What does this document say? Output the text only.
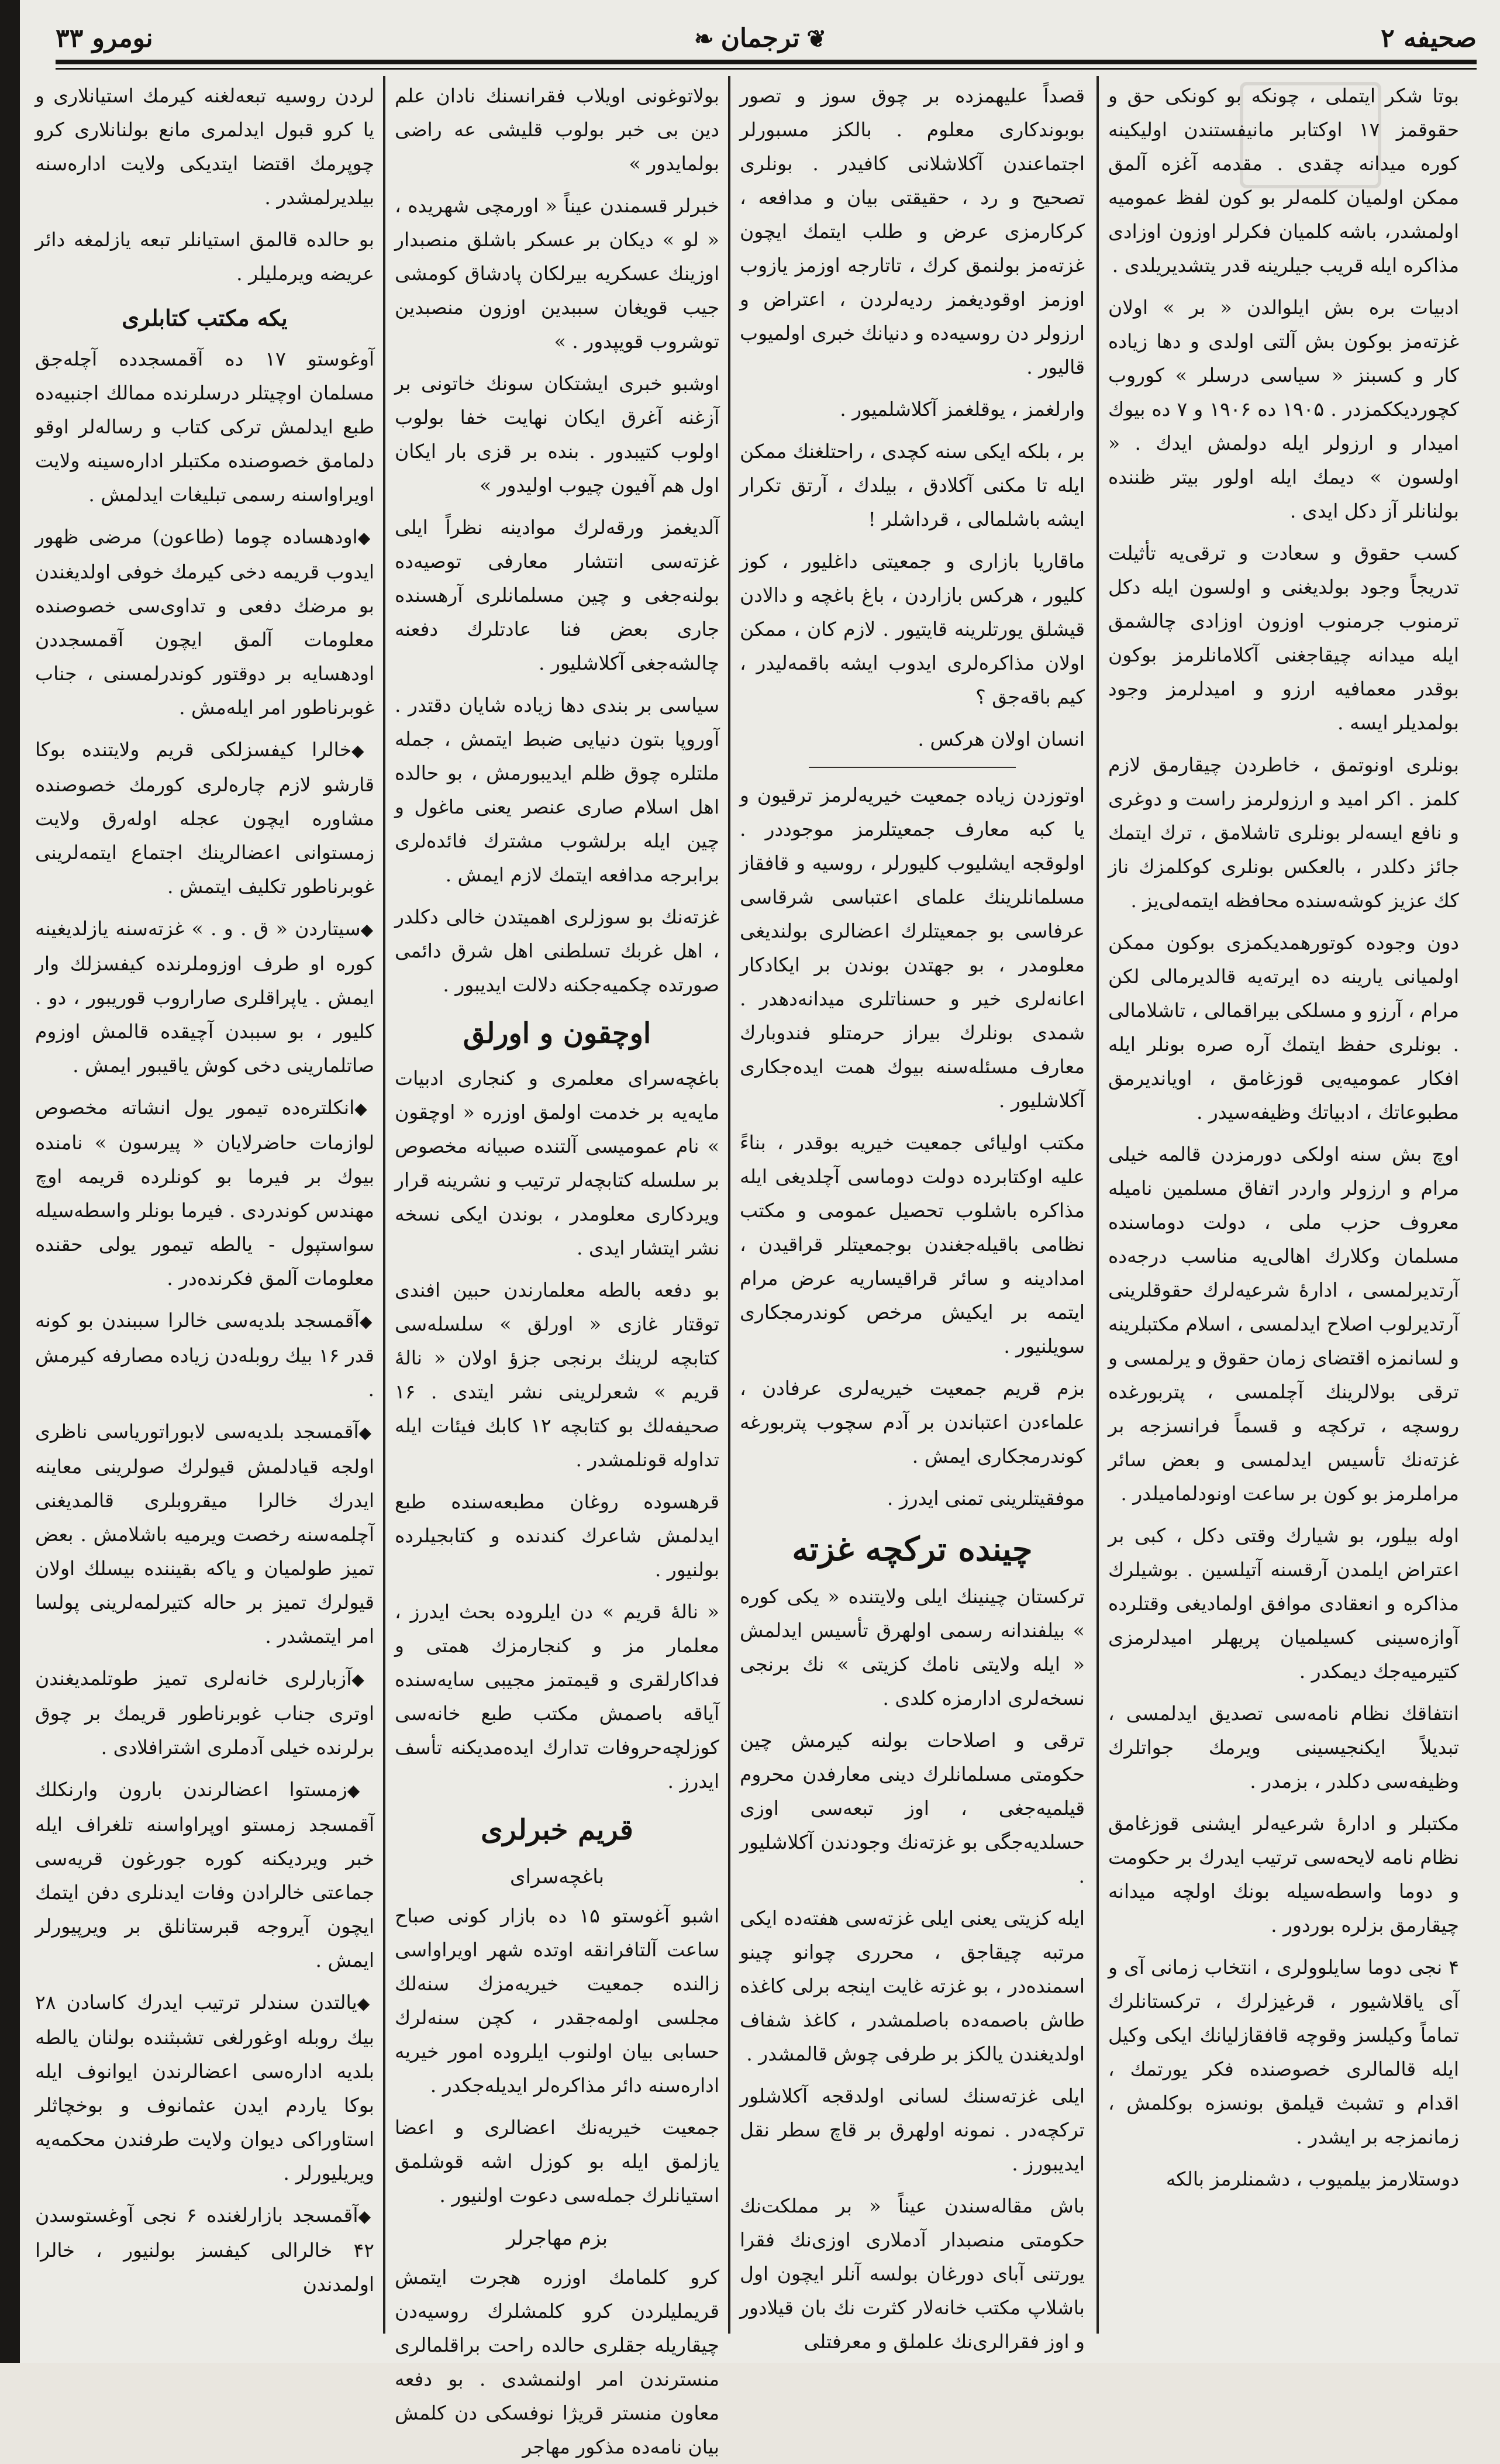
صحیفه ۲
❦ترجمان❧
نومرو ۳۳

بوتا شکر ایتملی ، چونکه بو کونکی حق و حقوقمز ۱۷ اوکتابر مانیفستندن اولیکینه کوره میدانه چقدی . مقدمه آغزه آلمق ممکن اولمیان کلمه‌لر بو کون لفظ عمومیه اولمشدر، باشه کلمیان فکرلر اوزون اوزادی مذاکره ایله قریب جیلرینه قدر یتشدیریلدی .

ادبیات بره بش ایلوالدن « بر » اولان غزته‌مز بوکون بش آلتی اولدی و دها زیاده کار و کسبنز « سیاسی درسلر » کوروب کچوردیککمزدر . ۱۹۰۵ ده ۱۹۰۶ و ۷ ده بیوك امیدار و ارزولر ایله دولمش ایدك . « اولسون » دیمك ایله اولور بیتر ظننده بولنانلر آز دکل ایدی .

کسب حقوق و سعادت و ترقی‌یه تأثیلت تدریجاً وجود بولدیغنی و اولسون ایله دکل ترمنوب جرمنوب اوزون اوزادی چالشمق ایله میدانه چیقاجغنی آکلامانلرمز بوکون بوقدر معمافیه ارزو و امیدلرمز وجود بولمدیلر ایسه .

بونلری اونوتمق ، خاطردن چیقارمق لازم کلمز . اکر امید و ارزولرمز راست و دوغری و نافع ایسه‌لر بونلری تاشلامق ، ترك ایتمك جائز دکلدر ، بالعکس بونلری کوکلمزك ناز كك عزیز کوشه‌سنده محافظه ایتمه‌لی‌یز .

دون وجوده کوتورهمدیکمزی بوکون ممکن اولمیانی یارینه ده ایرته‌یه قالدیرمالی لکن مرام ، آرزو و مسلکی بیراقمالی ، تاشلامالی . بونلری حفظ ایتمك آره صره بونلر ایله افکار عمومیه‌یی قوزغامق ، اویاندیرمق مطبوعاتك ، ادبیاتك وظیفه‌سیدر .

اوچ بش سنه اولکی دورمزدن قالمه خیلی مرام و ارزولر واردر اتفاق مسلمین نامیله معروف حزب ملی ، دولت دوماسنده مسلمان وکلارك اهالی‌یه مناسب درجه‌ده آرتدیرلمسی ، ادارهٔ شرعیه‌لرك حقوقلرینی آرتدیرلوب اصلاح ایدلمسی ، اسلام مکتبلرینه و لسانمزه اقتضای زمان حقوق و یرلمسی و ترقی بولالرینك آچلمسی ، پتربورغده روسچه ، ترکچه و قسماً فرانسزجه بر غزته‌نك تأسیس ایدلمسی و بعض سائر مراملرمز بو کون بر ساعت اونودلمامیلدر .

اوله بیلور، بو شیارك وقتی دکل ، کبی بر اعتراض ایلمدن آرقسنه آتیلسین . بوشیلرك مذاکره و انعقادی موافق اولمادیغی وقتلرده آوازه‌سینی کسیلمیان پریهلر امیدلرمزی کتیرمیه‌جك دیمکدر .

انتفاقك نظام نامه‌سی تصدیق ایدلمسی ، تبدیلاً ایکنجیسینی ویرمك جواتلرك وظیفه‌سی دکلدر ، بزمدر .

مکتبلر و ادارهٔ شرعیه‌لر ایشنی قوزغامق نظام نامه لایحه‌سی ترتیب ایدرك بر حکومت و دوما واسطه‌سیله بونك اولچه میدانه چیقارمق بزلره بوردور .

۴ نجی دوما سایلوولری ، انتخاب زمانی آی و آی یاقلاشیور ، قرغیزلرك ، ترکستانلرك تماماً وکیلسز وقوچه قافقازلیانك ایکی وکیل ایله قالمالری خصوصنده فکر یورتمك ، اقدام و تشبث قیلمق بونسزه بوکلمش ، زمانمزجه بر ایشدر .

دوستلارمز بیلمیوب ، دشمنلرمز بالکه

قصداً علیهمزده بر چوق سوز و تصور بوبوندکاری معلوم . بالکز مسبورلر اجتماعندن آکلاشلانی کافیدر . بونلری تصحیح و رد ، حقیقتی بیان و مدافعه ، کرکارمزی عرض و طلب ایتمك ایچون غزته‌مز بولنمق کرك ، تاتارجه اوزمز یازوب اوزمز اوقودیغمز ردیه‌لردن ، اعتراض و ارزولر دن روسیه‌ده و دنیانك خبری اولمیوب قالیور .

وارلغمز ، یوقلغمز آکلاشلمیور .

بر ، بلکه ایکی سنه کچدی ، راحتلغنك ممکن ایله تا مکنی آکلادق ، بیلدك ، آرتق تکرار ایشه باشلمالی ، قرداشلر !

ماقاریا بازاری و جمعیتی داغلیور ، کوز کلیور ، هرکس بازاردن ، باغ باغچه و دالادن قیشلق یورتلرینه قایتیور . لازم کان ، ممکن اولان مذاکره‌لری ایدوب ایشه باقمه‌لیدر ، کیم باقه‌جق ؟

انسان اولان هرکس .

اوتوزدن زیاده جمعیت خیریه‌لرمز ترقیون و یا کبه معارف جمعیتلرمز موجوددر . اولوقجه ایشلیوب کلیورلر ، روسیه و قافقاز مسلمانلرینك علمای اعتباسی شرقاسی عرفاسی بو جمعیتلرك اعضالری بولندیغی معلومدر ، بو جهتدن بوندن بر ایکادکار اعانه‌لری خیر و حسناتلری میدانه‌دهدر . شمدی بونلرك بیراز حرمتلو فندوبارك معارف مسئله‌سنه بیوك همت ایده‌جکاری آکلاشلیور .

مکتب اولیائی جمعیت خیریه بوقدر ، بناءً علیه اوکتابرده دولت دوماسی آچلدیغی ایله مذاکره باشلوب تحصیل عمومی و مکتب نظامی باقیله‌جغندن بوجمعیتلر قراقیدن ، امدادینه و سائر قراقیساریه عرض مرام ایتمه بر ایکیش مرخص کوندرمجکاری سویلنیور .

بزم قریم جمعیت خیریه‌لری عرفادن ، علماءدن اعتباندن بر آدم سچوب پتربورغه کوندرمجکاری ایمش .

موفقیتلرینی تمنی ایدرز .

چینده ترکچه غزته

ترکستان چینینك ایلی ولایتنده « یکی کوره » بیلفندانه رسمی اولهرق تأسیس ایدلمش « ایله ولایتی نامك کزیتی » نك برنجی نسخه‌لری ادارمزه کلدی .

ترقی و اصلاحات بولنه کیرمش چین حکومتی مسلمانلرك دینی معارفدن محروم قیلمیه‌جغی ، اوز تبعه‌سی اوزی حسلدیه‌جگی بو غزته‌نك وجودندن آکلاشلیور .

ایله کزیتی یعنی ایلی غزته‌سی هفته‌ده ایکی مرتبه چیقاجق ، محرری چوانو چینو اسمنده‌در ، بو غزته غایت اینجه برلی کاغذه طاش باصمه‌ده باصلمشدر ، کاغذ شفاف اولدیغندن یالکز بر طرفی چوش قالمشدر .

ایلی غزته‌سنك لسانی اولدقجه آکلاشلور ترکچه‌در . نمونه اولهرق بر قاچ سطر نقل ایدیبورز .

باش مقاله‌سندن عیناً « بر مملکت‌نك حکومتی منصبدار آدملاری اوزی‌نك فقرا یورتنی آبای دورغان بولسه آنلر ایچون اول باشلاپ مکتب خانه‌لار کثرت نك بان قیلادور و اوز فقرالری‌نك علملق و معرفتلی

بولاتوغونی اویلاب فقرانسنك نادان علم دین بی خبر بولوب قلیشی عه راضی بولمایدور »

خبرلر قسمندن عیناً « اورمچی شهریده ، « لو » دیکان بر عسکر باشلق منصبدار اوزینك عسکریه بیرلکان پادشاق کومشی جیب قویغان سببدین اوزون منصبدین توشروب قویپدور . »

اوشبو خبری ایشتکان سونك خاتونی بر آزغنه آغرق ایکان نهایت خفا بولوب اولوب کتیبدور . بنده بر قزی بار ایکان اول هم آفیون چیوب اولیدور »

آلدیغمز ورقه‌لرك موادینه نظراً ایلی غزته‌سی انتشار معارفی توصیه‌ده بولنه‌جغی و چین مسلمانلری آرهسنده جاری بعض فنا عادتلرك دفعنه چالشه‌جغی آکلاشلیور .

سیاسی بر بندی دها زیاده شایان دقتدر . آوروپا بتون دنیایی ضبط ایتمش ، جمله ملتلره چوق ظلم ایدیبورمش ، بو حالده اهل اسلام صاری عنصر یعنی ماغول و چین ایله برلشوب مشترك فائده‌لری برابرجه مدافعه ایتمك لازم ایمش .

غزته‌نك بو سوزلری اهمیتدن خالی دکلدر ، اهل غربك تسلطنی اهل شرق دائمی صورتده چکمیه‌جکنه دلالت ایدیبور .

اوچقون و اورلق

باغچه‌سرای معلمری و کنجاری ادبیات مایه‌یه بر خدمت اولمق اوزره « اوچقون » نام عمومیسی آلتنده صبیانه مخصوص بر سلسله کتابچه‌لر ترتیب و نشرینه قرار ویردکاری معلومدر ، بوندن ایکی نسخه نشر ایتشار ایدی .

بو دفعه بالطه معلمارندن حبین افندی توقتار غازی « اورلق » سلسله‌سی کتابچه لرینك برنجی جزؤ اولان « نالهٔ قریم » شعرلرینی نشر ایتدی . ۱۶ صحیفه‌لك بو کتابچه ۱۲ کابك فیئات ایله تداوله قونلمشدر .

قرهسوده روغان مطبعه‌سنده طبع ایدلمش شاعرك کندنده و کتابجیلرده بولنیور .

« نالهٔ قریم » دن ایلروده بحث ایدرز ، معلمار مز و کنجارمزك همتی و فداکارلقری و قیمتمز مجیبی سایه‌سنده آیاقه باصمش مکتب طبع خانه‌سی کوزلچه‌حروفات تدارك ایده‌مدیکنه تأسف ایدرز .

قریم خبرلری
باغچه‌سرای

اشبو آغوستو ۱۵ ده بازار کونی صباح ساعت آلتافرانقه اوتده شهر اویراواسی زالنده جمعیت خیریه‌مزك سنه‌لك مجلسی اولمه‌جقدر ، کچن سنه‌لرك حسابی بیان اولنوب ایلروده امور خیریه اداره‌سنه دائر مذاکره‌لر ایدیله‌جکدر .

جمعیت خیریه‌نك اعضالری و اعضا یازلمق ایله بو کوزل اشه قوشلمق استیانلرك جمله‌سی دعوت اولنیور .

بزم مهاجرلر

کرو کلمامك اوزره هجرت ایتمش قریملیلردن کرو کلمشلرك روسیه‌دن چیقاریله جقلری حالده راحت براقلمالری منسترندن امر اولنمشدی . بو دفعه معاون منستر قریژا نوفسکی دن کلمش بیان نامه‌ده مذکور مهاجر

لردن روسیه تبعه‌لغنه کیرمك استیانلاری و یا کرو قبول ایدلمری مانع بولنانلاری کرو چوپرمك اقتضا ایتدیکی ولایت اداره‌سنه بیلدیرلمشدر .

بو حالده قالمق استیانلر تبعه یازلمغه دائر عریضه ویرملیلر .

یکه مکتب کتابلری

آوغوستو ۱۷ ده آقمسجدده آچله‌جق مسلمان اوچیتلر درسلرنده ممالك اجنبیه‌ده طبع ایدلمش ترکی کتاب و رساله‌لر اوقو دلمامق خصوصنده مکتبلر اداره‌سینه ولایت اویراواسنه رسمی تبلیغات ایدلمش .

◆ اودهساده چوما (طاعون) مرضی ظهور ایدوب قریمه دخی کیرمك خوفی اولدیغندن بو مرضك دفعی و تداوی‌سی خصوصنده معلومات آلمق ایچون آقمسجددن اودهسایه بر دوقتور کوندرلمسنی ، جناب غوبرناطور امر ایله‌مش .

◆ خالرا کیفسزلکی قریم ولایتنده بوکا قارشو لازم چاره‌لری کورمك خصوصنده مشاوره ایچون عجله اوله‌رق ولایت زمستوانی اعضالرینك اجتماع ایتمه‌لرینی غوبرناطور تکلیف ایتمش .

◆ سیتاردن « ق . و . » غزته‌سنه یازلدیغینه کوره او طرف اوزوملرنده کیفسزلك وار ایمش . یاپراقلری صاراروب قوریبور ، دو . کلیور ، بو سببدن آچیقده قالمش اوزوم صاتلمارینی دخی کوش یاقیبور ایمش .

◆ انکلتره‌ده تیمور یول انشاته مخصوص لوازمات حاضرلایان « پیرسون » نامنده بیوك بر فیرما بو کونلرده قریمه اوچ مهندس کوندردی . فیرما بونلر واسطه‌سیله سواستپول - یالطه تیمور یولی حقنده معلومات آلمق فکرنده‌در .

◆ آقمسجد بلدیه‌سی خالرا سببندن بو کونه قدر ۱۶ بیك روبله‌دن زیاده مصارفه کیرمش .

◆ آقمسجد بلدیه‌سی لابوراتوریاسی ناظری اولجه قیادلمش قیولرك صولرینی معاینه ایدرك خالرا میقروبلری قالمدیغنی آچلمه‌سنه رخصت ویرمیه باشلامش . بعض تمیز طولمیان و یاکه بقیننده بیسلك اولان قیولرك تمیز بر حاله کتیرلمه‌لرینی پولسا امر ایتمشدر .

◆ آزبارلری خانه‌لری تمیز طوتلمدیغندن اوتری جناب غوبرناطور قریمك بر چوق برلرنده خیلی آدملری اشترافلادی .

◆ زمستوا اعضالرندن بارون وارنکلك آقمسجد زمستو اوپراواسنه تلغراف ایله خبر ویردیکنه کوره جورغون قریه‌سی جماعتی خالرادن وفات ایدنلری دفن ایتمك ایچون آیروجه قبرستانلق بر ویرپیورلر ایمش .

◆ یالتدن سندلر ترتیب ایدرك کاسادن ۲۸ بیك روبله اوغورلغی تشبثنده بولنان یالطه بلدیه اداره‌سی اعضالرندن ایوانوف ایله بوکا یاردم ایدن عثمانوف و بوخچاثلر استاوراکی دیوان ولایت طرفندن محکمه‌یه ویریلیورلر .

◆ آقمسجد بازارلغنده ۶ نجی آوغستوسدن ۴۲ خالرالی کیفسز بولنیور ، خالرا اولمدندن
